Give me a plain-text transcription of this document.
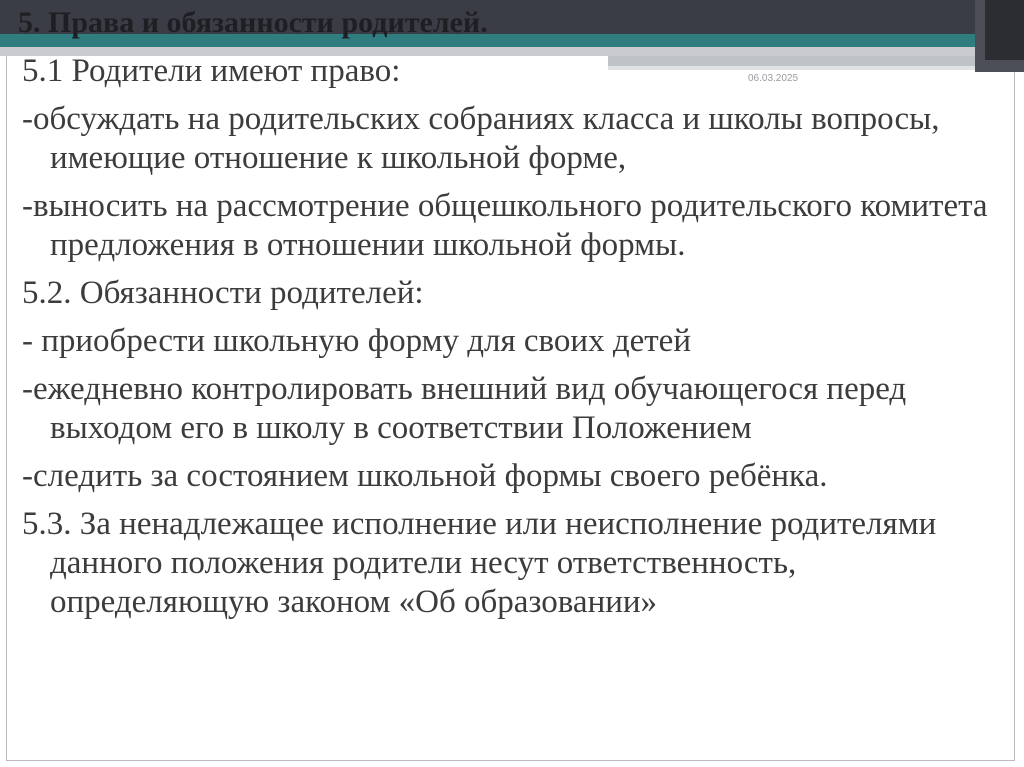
5. Права и обязанности родителей.
06.03.2025

5.1 Родители имеют право:

-обсуждать на родительских собраниях класса и школы вопросы, имеющие отношение к школьной форме,

-выносить на рассмотрение общешкольного родительского комитета предложения в отношении школьной формы.

5.2. Обязанности родителей:

- приобрести школьную форму для своих детей

-ежедневно контролировать внешний вид обучающегося перед выходом его в школу в соответствии Положением

-следить за состоянием школьной формы своего ребёнка.

5.3. За ненадлежащее исполнение или неисполнение родителями данного положения родители несут ответственность, определяющую законом «Об образовании»
